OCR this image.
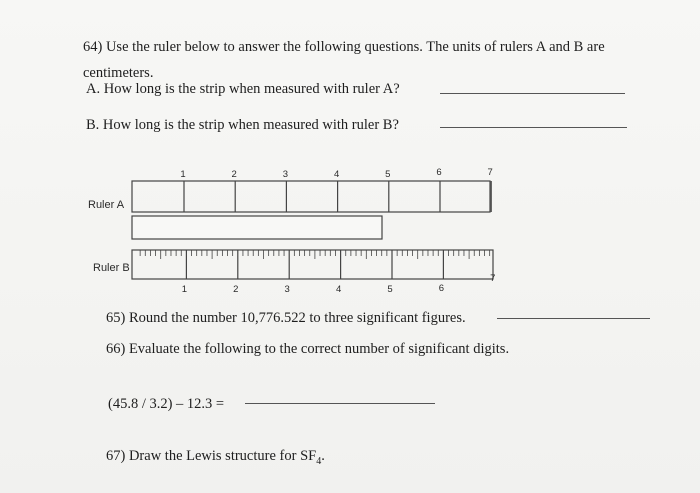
64) Use the ruler below to answer the following questions. The units of rulers A and B are
centimeters.
A. How long is the strip when measured with ruler A?
B. How long is the strip when measured with ruler B?
Ruler A
1	2	3	4	5	6	7
Ruler B
1	2	3	4	5	6
7
65) Round the number 10,776.522 to three significant figures.
66) Evaluate the following to the correct number of significant digits.
(45.8 / 3.2) – 12.3 =
67) Draw the Lewis structure for $SF_4$.
